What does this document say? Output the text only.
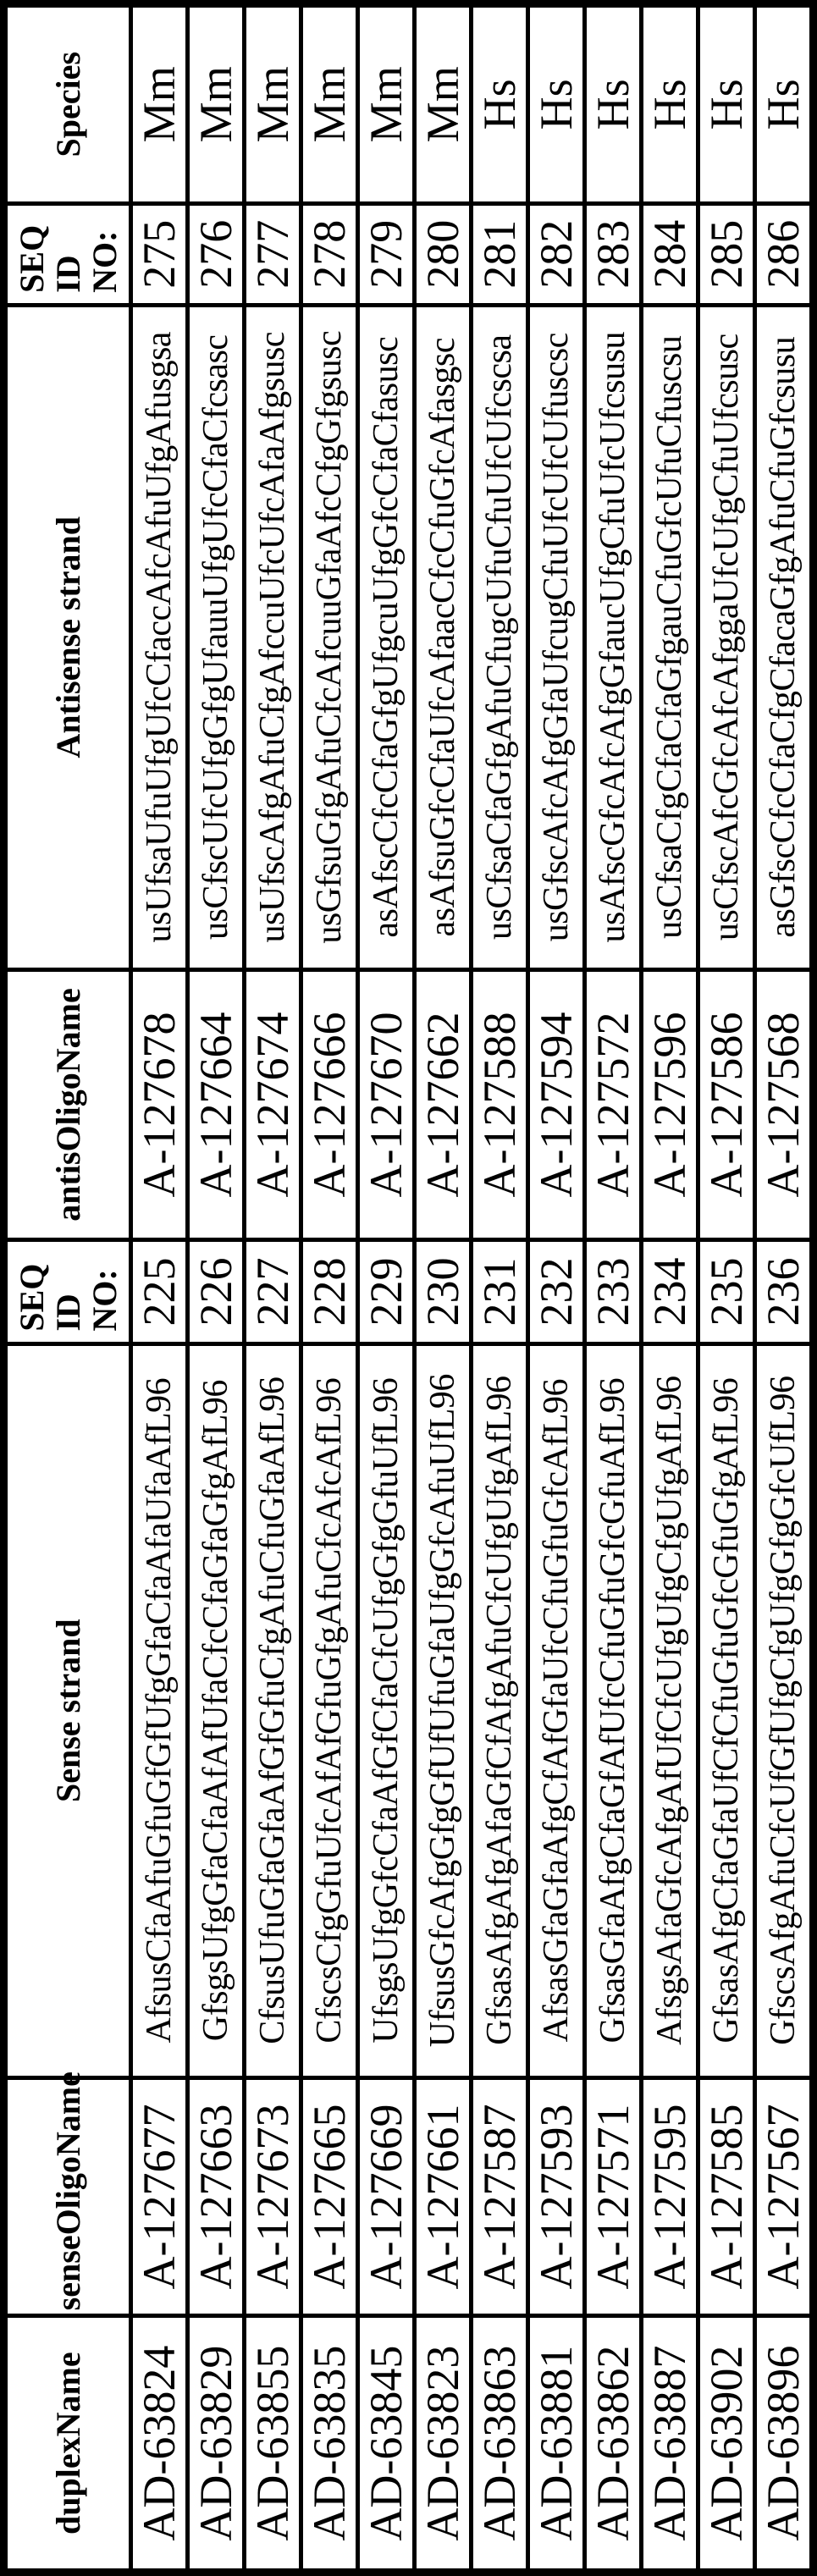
duplexName	senseOligoName	Sense strand	SEQ
ID
NO:	antisOligoName	Antisense strand	SEQ
ID
NO:	Species
AD-63824	A-127677	AfsusCfaAfuGfuGfGfUfgGfaCfaAfaUfaAfL96	225	A-127678	usUfsaUfuUfgUfcCfaccAfcAfuUfgAfusgsa	275	Mm
AD-63829	A-127663	GfsgsUfgGfaCfaAfAfUfaCfcCfaGfaGfgAfL96	226	A-127664	usCfscUfcUfgGfgUfauuUfgUfcCfaCfcsasc	276	Mm
AD-63855	A-127673	CfsusUfuGfaGfaAfGfGfuCfgAfuCfuGfaAfL96	227	A-127674	usUfscAfgAfuCfgAfccuUfcUfcAfaAfgsusc	277	Mm
AD-63835	A-127665	CfscsCfgGfuUfcAfAfGfuGfgAfuCfcAfcAfL96	228	A-127666	usGfsuGfgAfuCfcAfcuuGfaAfcCfgGfgsusc	278	Mm
AD-63845	A-127669	UfsgsUfgGfcCfaAfGfCfaCfcUfgGfgGfuUfL96	229	A-127670	asAfscCfcCfaGfgUfgcuUfgGfcCfaCfasusc	279	Mm
AD-63823	A-127661	UfsusGfcAfgGfgGfUfUfuGfaUfgGfcAfuUfL96	230	A-127662	asAfsuGfcCfaUfcAfaacCfcCfuGfcAfasgsc	280	Mm
AD-63863	A-127587	GfsasAfgAfgAfaGfCfAfgAfuCfcUfgUfgAfL96	231	A-127588	usCfsaCfaGfgAfuCfugcUfuCfuUfcUfcscsa	281	Hs
AD-63881	A-127593	AfsasGfaGfaAfgCfAfGfaUfcCfuGfuGfcAfL96	232	A-127594	usGfscAfcAfgGfaUfcugCfuUfcUfcUfuscsc	282	Hs
AD-63862	A-127571	GfsasGfaAfgCfaGfAfUfcCfuGfuGfcGfuAfL96	233	A-127572	usAfscGfcAfcAfgGfaucUfgCfuUfcUfcsusu	283	Hs
AD-63887	A-127595	AfsgsAfaGfcAfgAfUfCfcUfgUfgCfgUfgAfL96	234	A-127596	usCfsaCfgCfaCfaGfgauCfuGfcUfuCfuscsu	284	Hs
AD-63902	A-127585	GfsasAfgCfaGfaUfCfCfuGfuGfcGfuGfgAfL96	235	A-127586	usCfscAfcGfcAfcAfggaUfcUfgCfuUfcsusc	285	Hs
AD-63896	A-127567	GfscsAfgAfuCfcUfGfUfgCfgUfgGfgGfcUfL96	236	A-127568	asGfscCfcCfaCfgCfacaGfgAfuCfuGfcsusu	286	Hs
